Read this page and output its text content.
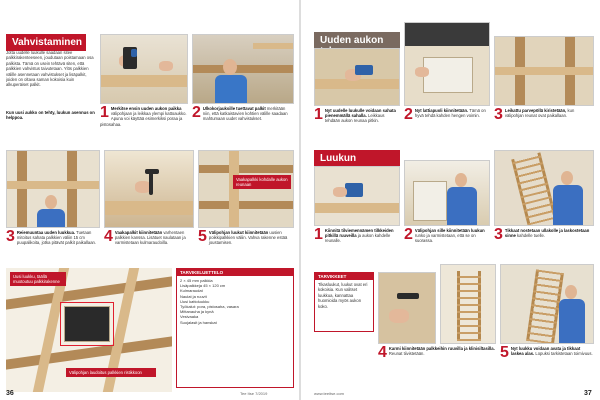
Vahvistaminen
Jotta uudelle luukulle saadaan sitee palkkirakenteeseen, joudutaan poistamaan osa palkista. Tämä on usein tehtävä siten, että palkkien vahvistus taivutetaan. Ylös palkkien välille asennetaan vahvistukset ja lisäpalkit, joiden on oltava saman kokoisia kuin alkuperäiset palkit.
Kun uusi aukko on tehty, luukun asennus on helppoa.	1 Merkitse ensin uuden aukon paikka välipohjaan ja leikkaa ylempi kattoaukko. Apuna voi käyttää esimerkiksi poraa ja pistosahaa.
2 Ulkokorjauksille tuettavat palkit merkitään niin, että katkaistavien kohtien välille saadaan mahtumaan uudet vahvistukset.
Vaakapalkki kohdalle aukon reunaan
3 Reiemuuntaa uuden luukkua. Tuetaan mitoitus sahata palkkien väliin 15 cm puupalikoita, jotka pitävät palkit paikallaan. 4 Vaakapalkit kiinnitetään varhentaen palkkien kanssa. Lisätuet naulataan ja varmistetaan kulmaraudoilla.	5 Välipohjan luukut kiinnitetään uusien poikkipalkkien väliin. Vahva rakenne estää joustamisen.
Uusi luukku, täällä muotoutuu palkkirakenne
Välipohjan laudoitus palkkien ristikkoon
TARVIKELUETTELO
2 × 45 mm palkkia
Lisäpalkkeja 45 × 120 cm
Kulmaraudat
Naulat ja ruuvit
Uusi kattoluukku
Työkalut: pora, pistosaha, vasara
Mittanauha ja kynä
Vesivaaka
Suojalasit ja hanskat
Tee Itse 7/2019
36
Uuden aukon
1 Nyt uudelle luukulle voidaan sahata pienemmällä sahalla. Leikkaus tehdään aukon reunaa pitkin.	2 Nyt lattiapuoli kiinnitetään. Tämä on hyvä tehdä kahden hengen voimin. 3 Leikattu parvepöllä kiristetään, kun välipohjan reunat ovat paikallaan.
Luukun
1 Kiinnitä tilviemennämen tilkkeiden pitkillä ruuveilla ja aukon kahdelle reunalle.	2 Välipohjan sille kiinnitetään luukun runko ja varmistetaan, että se on suorassa.	3 Tikkaat nostetaan ullakolle ja laskostetaan sinne kahdelle tuelle.
TARVIKKEET
Tikasluukut, luukut ovat eri kokoisia. Kun valitset luukkua, kannattaa huomioida myös aukon koko.
4 Karmi kiinnitetään palkkeihin ruuvilla ja klinisiltasilla. Reunat tiivistetään.	5 Nyt luukku voidaan avata ja tikkaat laskea alas. Lopuksi tarkistetaan toimivuus.
www.teeitse.com	37
